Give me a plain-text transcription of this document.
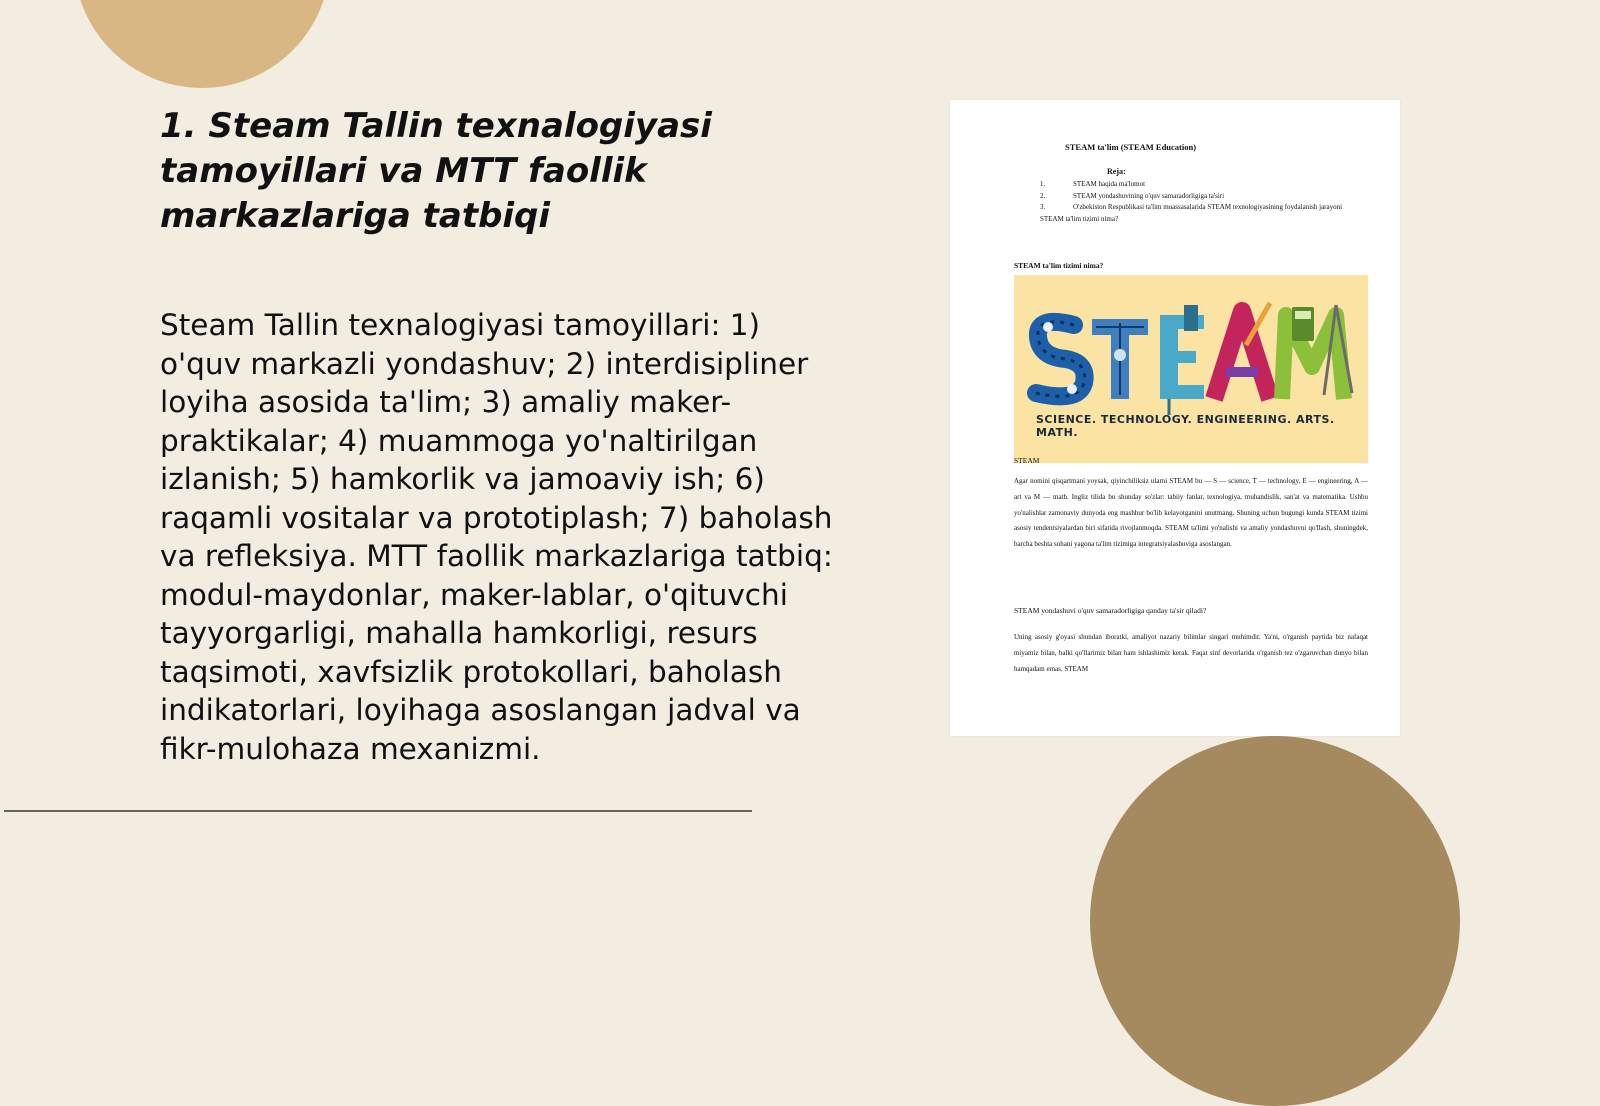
1. Steam Tallin texnalogiyasi tamoyillari va MTT faollik markazlariga tatbiqi

Steam Tallin texnalogiyasi tamoyillari: 1) o'quv markazli yondashuv; 2) interdisipliner loyiha asosida ta'lim; 3) amaliy maker-praktikalar; 4) muammoga yo'naltirilgan izlanish; 5) hamkorlik va jamoaviy ish; 6) raqamli vositalar va prototiplash; 7) baholash va refleksiya. MTT faollik markazlariga tatbiq: modul-maydonlar, maker-lablar, o'qituvchi tayyorgarligi, mahalla hamkorligi, resurs taqsimoti, xavfsizlik protokollari, baholash indikatorlari, loyihaga asoslangan jadval va fikr-mulohaza mexanizmi.

STEAM ta'lim (STEAM Education)
Reja:
1.	STEAM haqida ma'lumot
2.	STEAM yondashuvining o'quv samaradorligiga ta'siri
3.	O'zbekiston Respublikasi ta'lim muassasalarida STEAM texnologiyasining foydalanish jarayoni
STEAM ta'lim tizimi nima?
STEAM ta'lim tizimi nima?
SCIENCE. TECHNOLOGY. ENGINEERING. ARTS. MATH.
STEAM
Agar nomini qisqartmani yoysak, qiyinchiliksiz ularni STEAM bu — S — science, T — technology, E — engineering, A — art va M — math. Ingliz tilida bu shunday so'zlar: tabiiy fanlar, texnologiya, muhandislik, san'at va matematika. Ushbu yo'nalishlar zamonaviy dunyoda eng mashhur bo'lib kelayotganini unutmang. Shuning uchun bugungi kunda STEAM tizimi asosiy tendentsiyalardan biri sifatida rivojlanmoqda. STEAM ta'limi yo'nalishi va amaliy yondashuvni qo'llash, shuningdek, barcha beshta sohani yagona ta'lim tizimiga integratsiyalashuviga asoslangan.
STEAM yondashuvi o'quv samaradorligiga qanday ta'sir qiladi?
Uning asosiy g'oyasi shundan iboratki, amaliyot nazariy bilimlar singari muhimdir. Ya'ni, o'rganish paytida biz nafaqat miyamiz bilan, balki qo'llarimiz bilan ham ishlashimiz kerak. Faqat sinf devorlarida o'rganish tez o'zgaruvchan dunyo bilan hamqadam emas. STEAM
